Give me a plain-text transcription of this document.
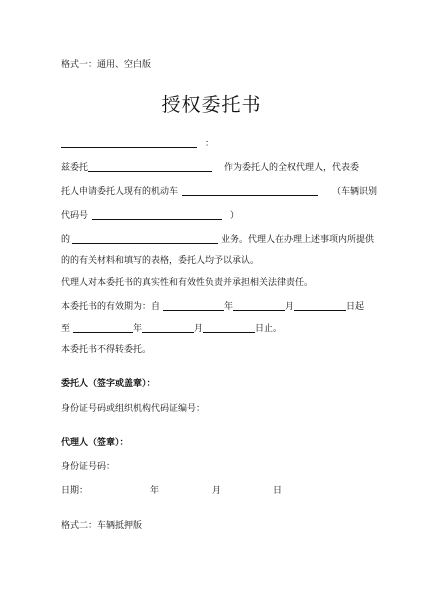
格式一：通用、空白版
授权委托书
：
兹委托	作为委托人的全权代理人，代表委
托人申请委托人现有的机动车	（车辆识别
代码号	）
的	业务。代理人在办理上述事项内所提供
的的有关材料和填写的表格，委托人均予以承认。
代理人对本委托书的真实性和有效性负责并承担相关法律责任。
本委托书的有效期为：自	年	月	日起
至	年	月	日止。
本委托书不得转委托。
委托人（签字或盖章）：
身份证号码或组织机构代码证编号：
代理人（签章）：
身份证号码：
日期：	年	月	日
格式二：车辆抵押版
